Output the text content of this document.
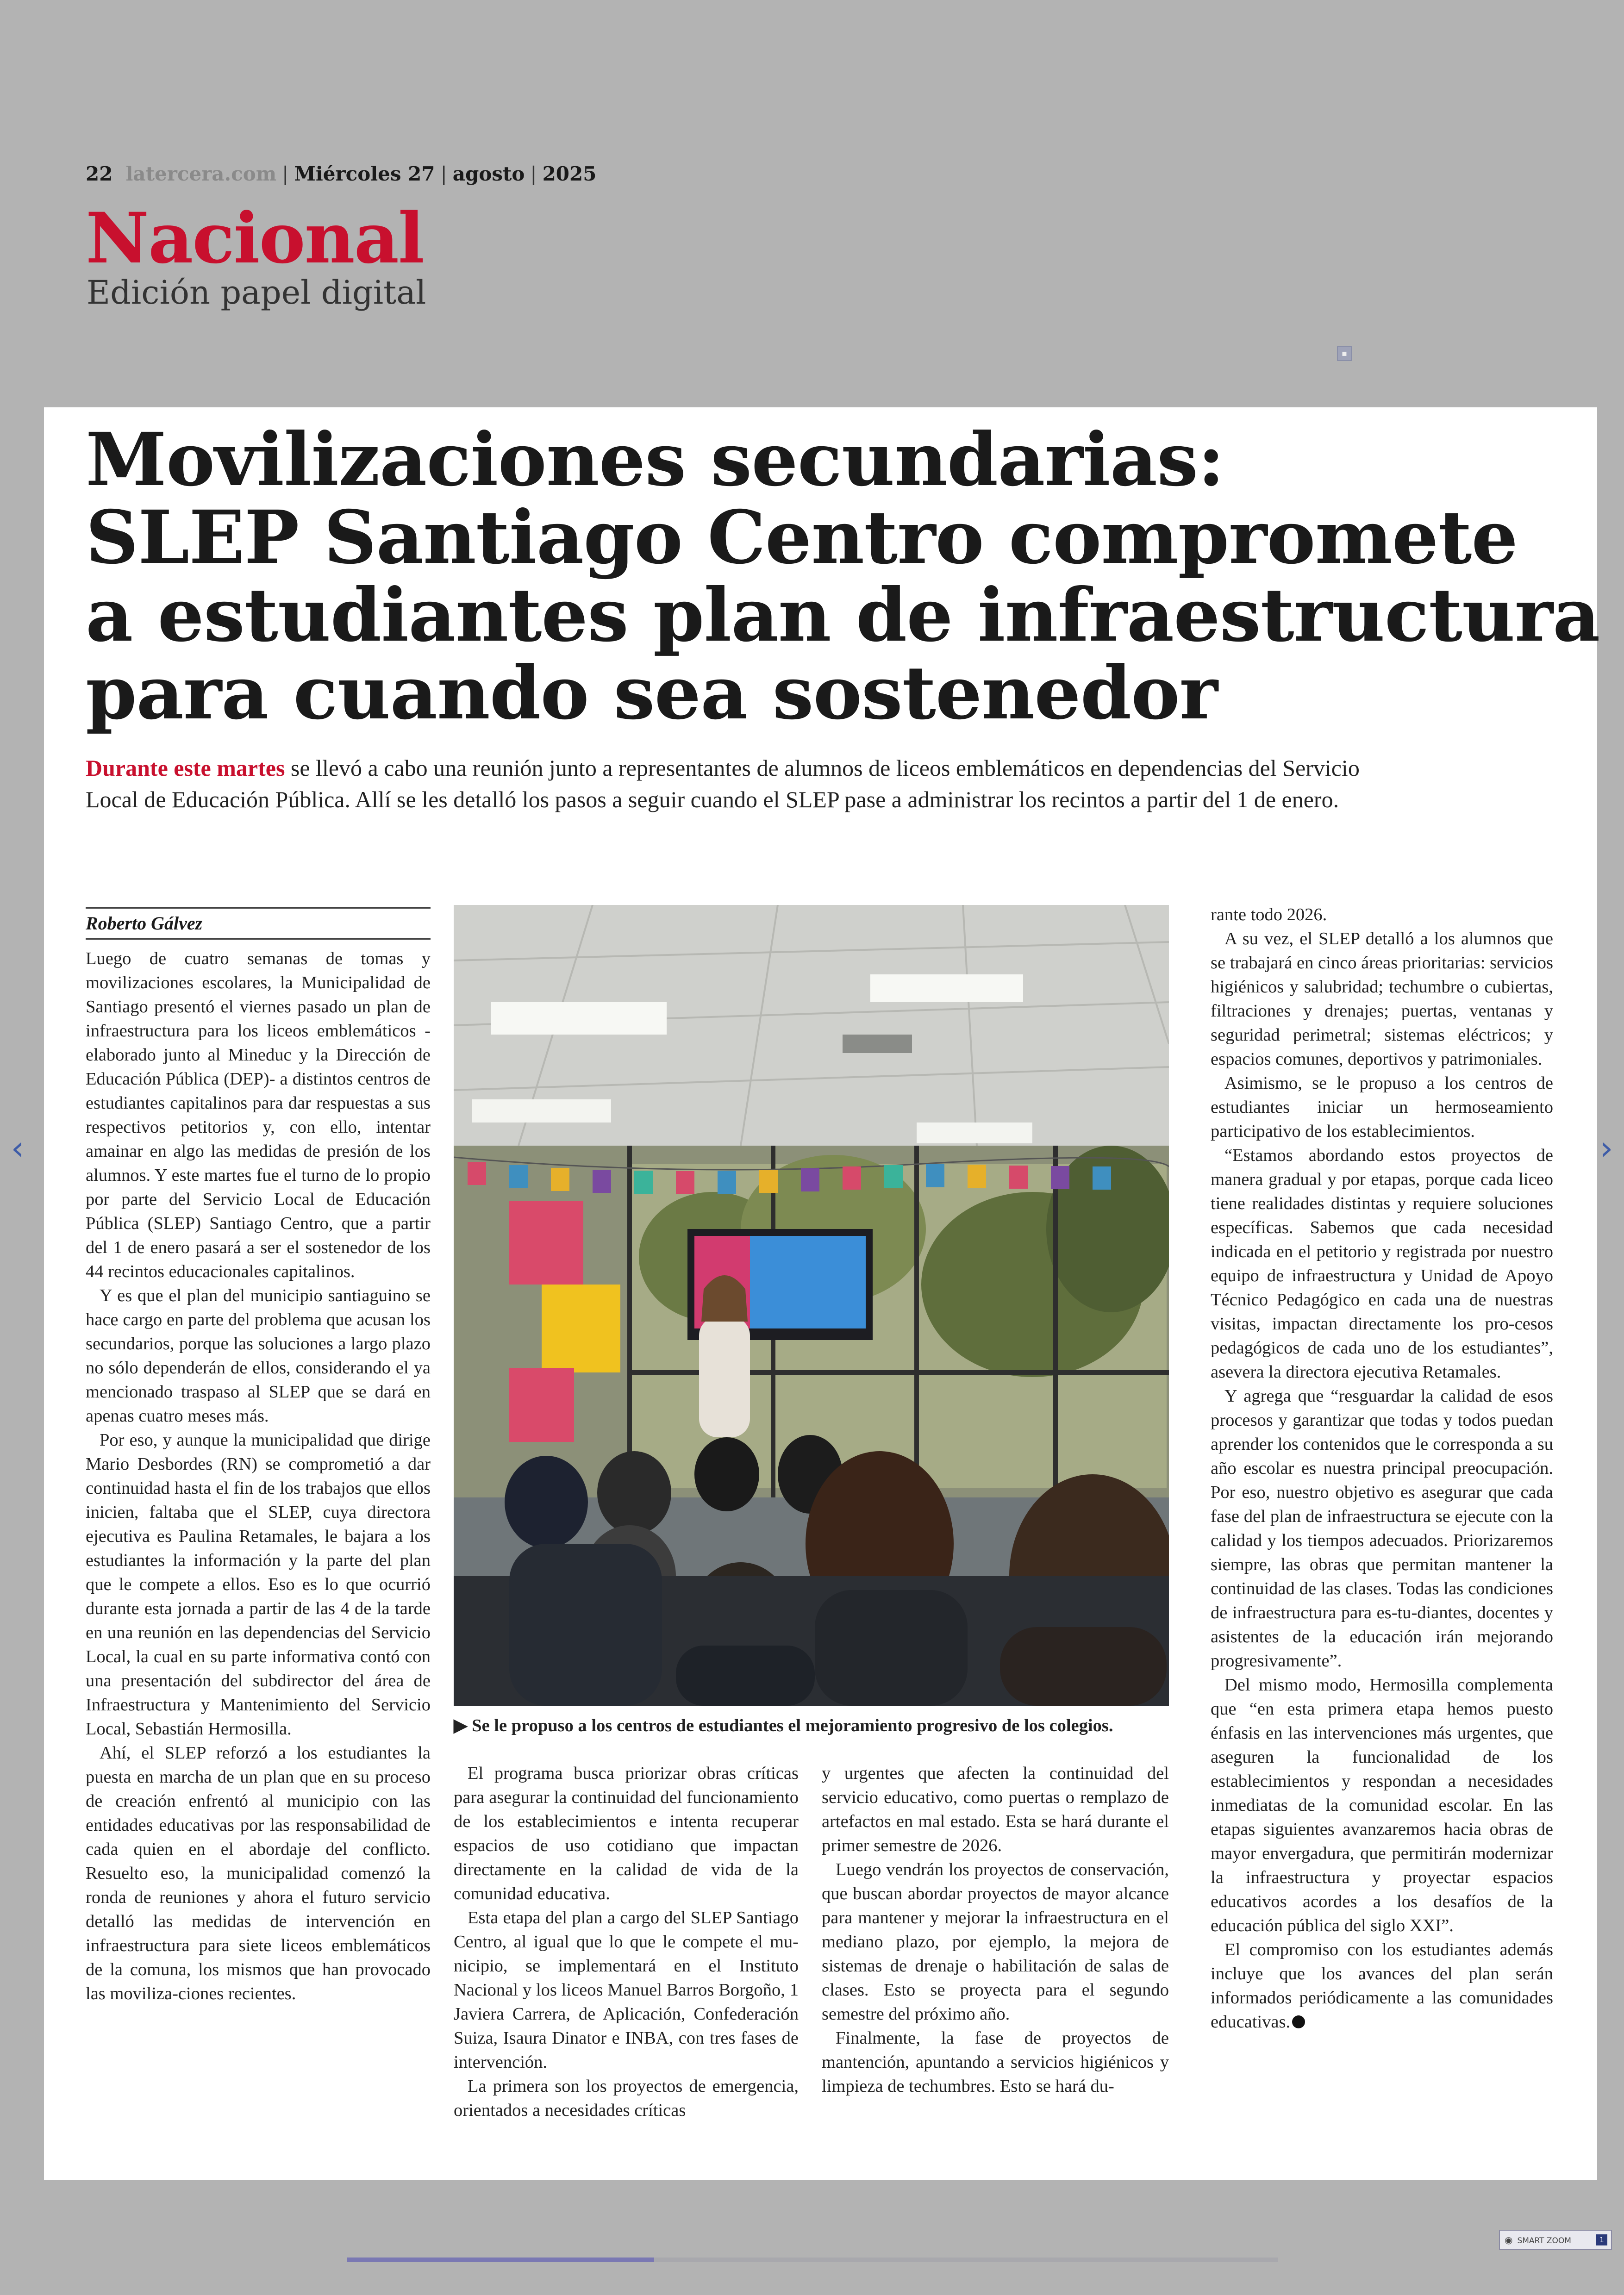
22 latercera.com | Miércoles 27 | agosto | 2025
Nacional
Edición papel digital
▪
Movilizaciones secundarias:
SLEP Santiago Centro compromete
a estudiantes plan de infraestructura
para cuando sea sostenedor
Durante este martes se llevó a cabo una reunión junto a representantes de alumnos de liceos emblemáticos en dependencias del Servicio Local de Educación Pública. Allí se les detalló los pasos a seguir cuando el SLEP pase a administrar los recintos a partir del 1 de enero.
Roberto Gálvez

Luego de cuatro semanas de tomas y movilizaciones escolares, la Municipalidad de Santiago presentó el viernes pasado un plan de infraestructura para los liceos emblemáticos -elaborado junto al Mineduc y la Dirección de Educación Pública (DEP)- a distintos centros de estudiantes capitalinos para dar respuestas a sus respectivos petitorios y, con ello, intentar amainar en algo las medidas de presión de los alumnos. Y este martes fue el turno de lo propio por parte del Servicio Local de Educación Pública (SLEP) Santiago Centro, que a partir del 1 de enero pasará a ser el sostenedor de los 44 recintos educacionales capitalinos.

Y es que el plan del municipio santiaguino se hace cargo en parte del problema que acusan los secundarios, porque las soluciones a largo plazo no sólo dependerán de ellos, considerando el ya mencionado traspaso al SLEP que se dará en apenas cuatro meses más.

Por eso, y aunque la municipalidad que dirige Mario Desbordes (RN) se comprometió a dar continuidad hasta el fin de los trabajos que ellos inicien, faltaba que el SLEP, cuya directora ejecutiva es Paulina Retamales, le bajara a los estudiantes la información y la parte del plan que le compete a ellos. Eso es lo que ocurrió durante esta jornada a partir de las 4 de la tarde en una reunión en las dependencias del Servicio Local, la cual en su parte informativa contó con una presentación del subdirector del área de Infraestructura y Mantenimiento del Servicio Local, Sebastián Hermosilla.

Ahí, el SLEP reforzó a los estudiantes la puesta en marcha de un plan que en su proceso de creación enfrentó al municipio con las entidades educativas por las responsabilidad de cada quien en el abordaje del conflicto. Resuelto eso, la municipalidad comenzó la ronda de reuniones y ahora el futuro servicio detalló las medidas de intervención en infraestructura para siete liceos emblemáticos de la comuna, los mismos que han provocado las moviliza-ciones recientes.

▶ Se le propuso a los centros de estudiantes el mejoramiento progresivo de los colegios.

El programa busca priorizar obras críticas para asegurar la continuidad del funcionamiento de los establecimientos e intenta recuperar espacios de uso cotidiano que impactan directamente en la calidad de vida de la comunidad educativa.

Esta etapa del plan a cargo del SLEP Santiago Centro, al igual que lo que le compete el mu-nicipio, se implementará en el Instituto Nacional y los liceos Manuel Barros Borgoño, 1 Javiera Carrera, de Aplicación, Confederación Suiza, Isaura Dinator e INBA, con tres fases de intervención.

La primera son los proyectos de emergencia, orientados a necesidades críticas

y urgentes que afecten la continuidad del servicio educativo, como puertas o remplazo de artefactos en mal estado. Esta se hará durante el primer semestre de 2026.

Luego vendrán los proyectos de conservación, que buscan abordar proyectos de mayor alcance para mantener y mejorar la infraestructura en el mediano plazo, por ejemplo, la mejora de sistemas de drenaje o habilitación de salas de clases. Esto se proyecta para el segundo semestre del próximo año.

Finalmente, la fase de proyectos de mantención, apuntando a servicios higiénicos y limpieza de techumbres. Esto se hará du-

rante todo 2026.

A su vez, el SLEP detalló a los alumnos que se trabajará en cinco áreas prioritarias: servicios higiénicos y salubridad; techumbre o cubiertas, filtraciones y drenajes; puertas, ventanas y seguridad perimetral; sistemas eléctricos; y espacios comunes, deportivos y patrimoniales.

Asimismo, se le propuso a los centros de estudiantes iniciar un hermoseamiento participativo de los establecimientos.

“Estamos abordando estos proyectos de manera gradual y por etapas, porque cada liceo tiene realidades distintas y requiere soluciones específicas. Sabemos que cada necesidad indicada en el petitorio y registrada por nuestro equipo de infraestructura y Unidad de Apoyo Técnico Pedagógico en cada una de nuestras visitas, impactan directamente los pro-cesos pedagógicos de cada uno de los estudiantes”, asevera la directora ejecutiva Retamales.

Y agrega que “resguardar la calidad de esos procesos y garantizar que todas y todos puedan aprender los contenidos que le corresponda a su año escolar es nuestra principal preocupación. Por eso, nuestro objetivo es asegurar que cada fase del plan de infraestructura se ejecute con la calidad y los tiempos adecuados. Priorizaremos siempre, las obras que permitan mantener la continuidad de las clases. Todas las condiciones de infraestructura para es-tu-diantes, docentes y asistentes de la educación irán mejorando progresivamente”.

Del mismo modo, Hermosilla complementa que “en esta primera etapa hemos puesto énfasis en las intervenciones más urgentes, que aseguren la funcionalidad de los establecimientos y respondan a necesidades inmediatas de la comunidad escolar. En las etapas siguientes avanzaremos hacia obras de mayor envergadura, que permitirán modernizar la infraestructura y proyectar espacios educativos acordes a los desafíos de la educación pública del siglo XXI”.

El compromiso con los estudiantes además incluye que los avances del plan serán informados periódicamente a las comunidades educativas.

‹	›
◉ SMART ZOOM	1
